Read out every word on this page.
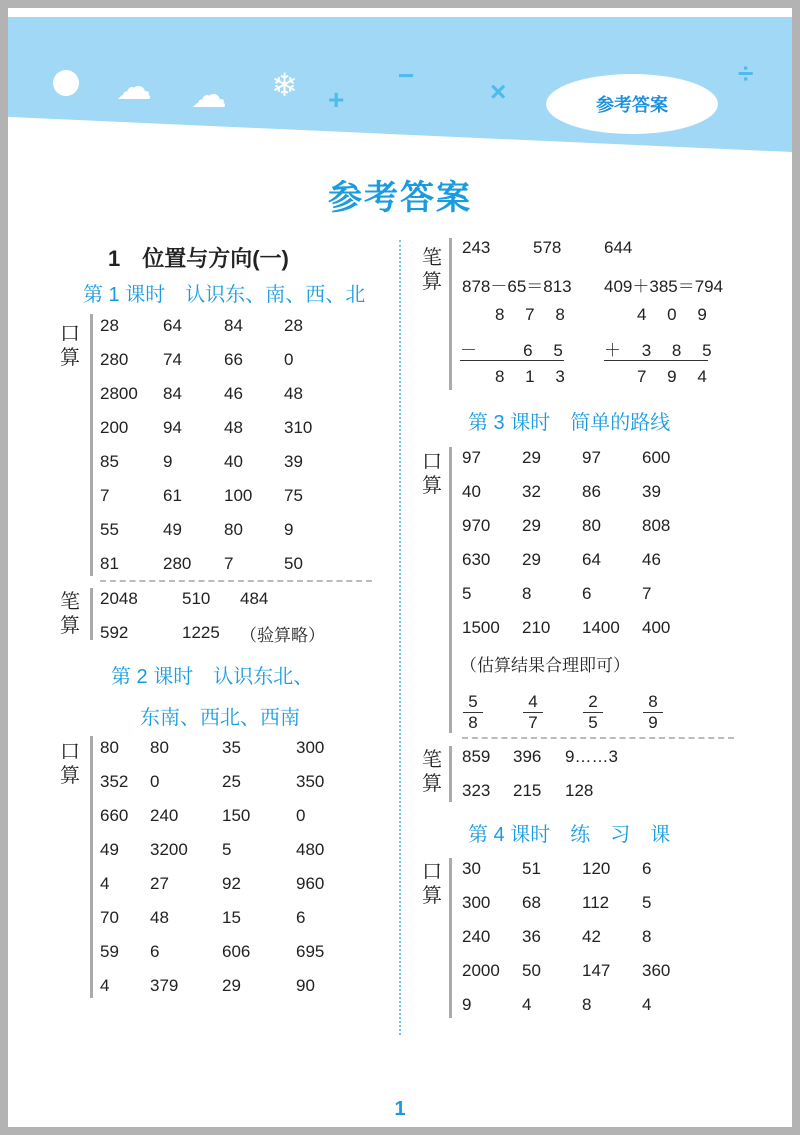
☁ ☁ ❄ +
−
×
÷
参考答案
参考答案
1　位置与方向(一)
第 1 课时　认识东、南、西、北
口算
28	64	84	28
280	74	66	0
2800	84	46	48
200	94	48	310
85	9	40	39
7	61	100	75
55	49	80	9
81	280	7	50
笔算
2048	510	484
592	1225	（验算略）
第 2 课时　认识东北、
东南、西北、西南
口算
80	80	35	300
352	0	25	350
660	240	150	0
49	3200	5	480
4	27	92	960
70	48	15	6
59	6	606	695
4	379	29	90
笔算
243	578	644
878－65＝813 409＋385＝794
8 7 8
－   6 5
8 1 3
4 0 9
＋ 3 8 5
7 9 4
第 3 课时　简单的路线
口算
97	29	97	600
40	32	86	39
970	29	80	808
630	29	64	46
5	8	6	7
1500	210	1400	400
（估算结果合理即可）
$\frac{5}{8} \frac{4}{7} \frac{2}{5} \frac{8}{9}$
笔算
859	396	9……3
323	215	128
第 4 课时　练　习　课
口算
30	51	120	6
300	68	112	5
240	36	42	8
2000	50	147	360
9	4	8	4
1
